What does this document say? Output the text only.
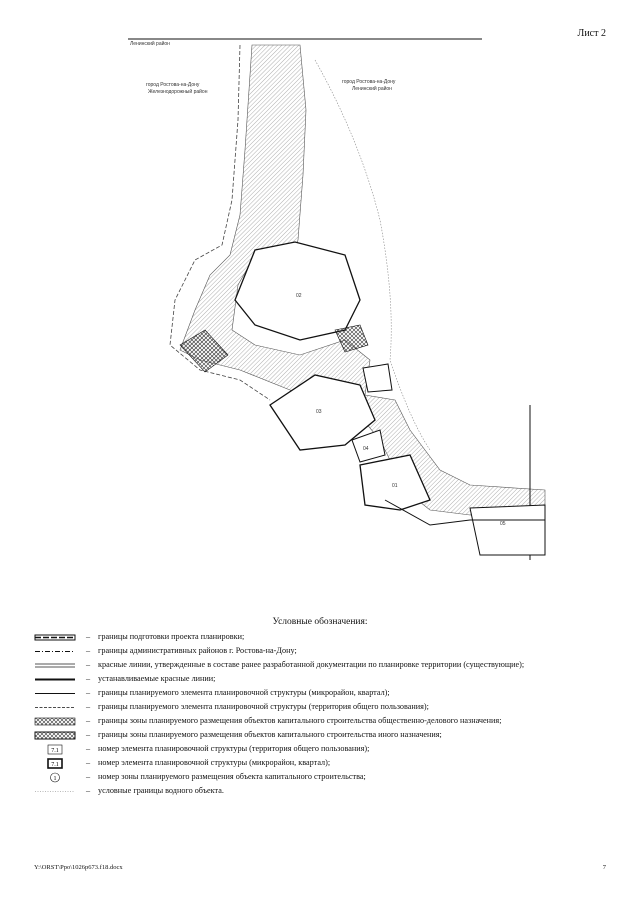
Лист 2
Ленинский район
город Ростова-на-Дону
Железнодорожный район
город Ростова-на-Дону
Ленинский район
02
03
04
01
05
Условные обозначения:
– границы подготовки проекта планировки;
– границы административных районов г. Ростова-на-Дону;
– красные линии, утвержденные в составе ранее разработанной документации по планировке территории (существующие);
– устанавливаемые красные линии;
– границы планируемого элемента планировочной структуры (микрорайон, квартал);
– границы планируемого элемента планировочной структуры (территория общего пользования);
– границы зоны планируемого размещения объектов капитального строительства общественно-делового назначения;
– границы зоны планируемого размещения объектов капитального строительства иного назначения;
7.1	– номер элемента планировочной структуры (территория общего пользования);
7.1	– номер элемента планировочной структуры (микрорайон, квартал);
1	– номер зоны планируемого размещения объекта капитального строительства;
– условные границы водного объекта.
Y:\ORST\Ppo\1026p673.f18.docx	7
